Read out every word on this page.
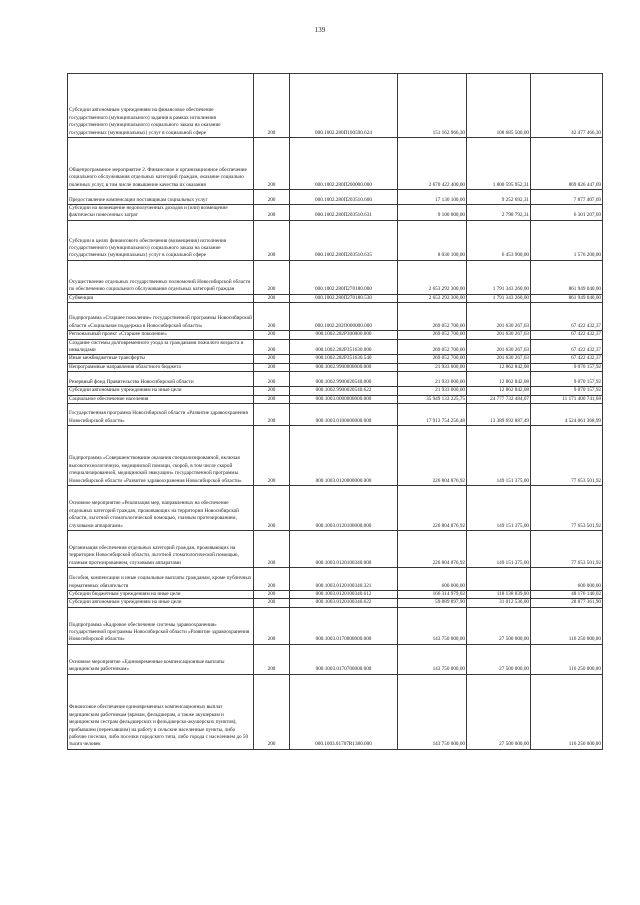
139
Субсидии автономным учреждениям на финансовое обеспечение государственного (муниципального) задания в рамках исполнения государственного (муниципального) социального заказа на оказание государственных (муниципальных) услуг в социальной сфере	200	000.1002.280П100590.624	151 162 966,30	108 685 500,00	42 477 466,30
Общепрограммное мероприятие 2. Финансовое и организационное обеспечение социального обслуживания отдельных категорий граждан, оказание социально полезных услуг, в том числе повышение качества их оказания	200	000.1002.280П200000.000	2 670 422 400,00	1 800 595 952,31	869 826 447,69
Предоставление компенсации поставщикам социальных услуг	200	000.1002.280П203510.600	17 130 100,00	9 252 692,31	7 877 407,69
Субсидии на возмещение недополученных доходов и (или) возмещение фактически понесенных затрат	200	000.1002.280П203510.631	9 100 000,00	2 798 792,31	6 301 207,69
Субсидии в целях финансового обеспечения (возмещения) исполнения государственного (муниципального) социального заказа на оказание государственных (муниципальных) услуг в социальной сфере	200	000.1002.280П203510.635	8 030 100,00	6 453 900,00	1 576 200,00
Осуществление отдельных государственных полномочий Новосибирской области по обеспечению социального обслуживания отдельных категорий граждан	200	000.1002.280П270180.000	2 653 292 300,00	1 791 343 260,00	861 949 040,00
Субвенции	200	000.1002.280П270180.530	2 653 292 300,00	1 791 343 260,00	861 949 040,00
Подпрограмма «Старшее поколение» государственной программы Новосибирской области «Социальная поддержка в Новосибирской области»	200	000.1002.282О000000.000	269 052 700,00	201 630 267,63	67 422 432,37
Региональный проект «Старшее поколение»	200	000.1002.282Р300000.000	269 052 700,00	201 630 267,63	67 422 432,37
Создание системы долговременного ухода за гражданами пожилого возраста и инвалидами	200	000.1002.282Р351630.000	269 052 700,00	201 630 267,63	67 422 432,37
Иные межбюджетные трансферты	200	000.1002.282Р351630.540	269 052 700,00	201 630 267,63	67 422 432,37
Непрограммные направления областного бюджета	200	000.1002.9900000000.000	21 933 000,00	12 862 842,08	9 070 157,92
Резервный фонд Правительства Новосибирской области	200	000.1002.9900020540.000	21 933 000,00	12 862 842,08	9 070 157,92
Субсидии автономным учреждениям на иные цели	200	000.1002.9900020540.622	21 933 000,00	12 862 842,08	9 070 157,92
Социальное обеспечение населения	200	000.1003.0000000000.000	35 949 133 225,75	24 777 732 484,07	11 171 400 741,68
Государственная программа Новосибирской области «Развитие здравоохранения Новосибирской области»	200	000.1003.0100000000.000	17 913 754 256,48	13 389 692 887,49	4 524 061 368,99
Подпрограмма «Совершенствование оказания специализированной, включая высокотехнологичную, медицинской помощи, скорой, в том числе скорой специализированной, медицинской эвакуации» государственной программы Новосибирской области «Развитие здравоохранения Новосибирской области»	200	000.1003.0120000000.000	226 804 876,92	149 151 375,00	77 653 501,92
Основное мероприятие «Реализация мер, направленных на обеспечение отдельных категорий граждан, проживающих на территории Новосибирской области, льготной стоматологической помощью, глазным протезированием, слуховыми аппаратами»	200	000.1003.0120100000.000	226 804 876,92	149 151 375,00	77 653 501,92
Организация обеспечения отдельных категорий граждан, проживающих на территории Новосибирской области, льготной стоматологической помощью, глазным протезированием, слуховыми аппаратами	200	000.1003.0120100340.000	226 804 876,92	149 151 375,00	77 653 501,92
Пособия, компенсации и иные социальные выплаты гражданам, кроме публичных нормативных обязательств	200	000.1003.0120100340.321	600 000,00		600 000,00
Субсидии бюджетным учреждениям на иные цели	200	000.1003.0120100340.612	166 314 979,02	118 138 839,00	48 176 140,02
Субсидии автономным учреждениям на иные цели	200	000.1003.0120100340.622	59 889 897,90	31 012 536,00	28 877 361,90
Подпрограмма «Кадровое обеспечение системы здравоохранения» государственной программы Новосибирской области «Развитие здравоохранения Новосибирской области»	200	000.1003.0170000000.000	143 750 000,00	27 500 000,00	116 250 000,00
Основное мероприятие «Единовременные компенсационные выплаты медицинским работникам»	200	000.1003.0170700000.000	143 750 000,00	27 500 000,00	116 250 000,00
Финансовое обеспечение единовременных компенсационных выплат медицинским работникам (врачам, фельдшерам, а также акушеркам и медицинским сестрам фельдшерских и фельдшерско-акушерских пунктов), прибывшим (переехавшим) на работу в сельские населенные пункты, либо рабочие поселки, либо поселки городского типа, либо города с населением до 50 тысяч человек	200	000.1003.01707R1380.000	143 750 000,00	27 500 000,00	116 250 000,00
